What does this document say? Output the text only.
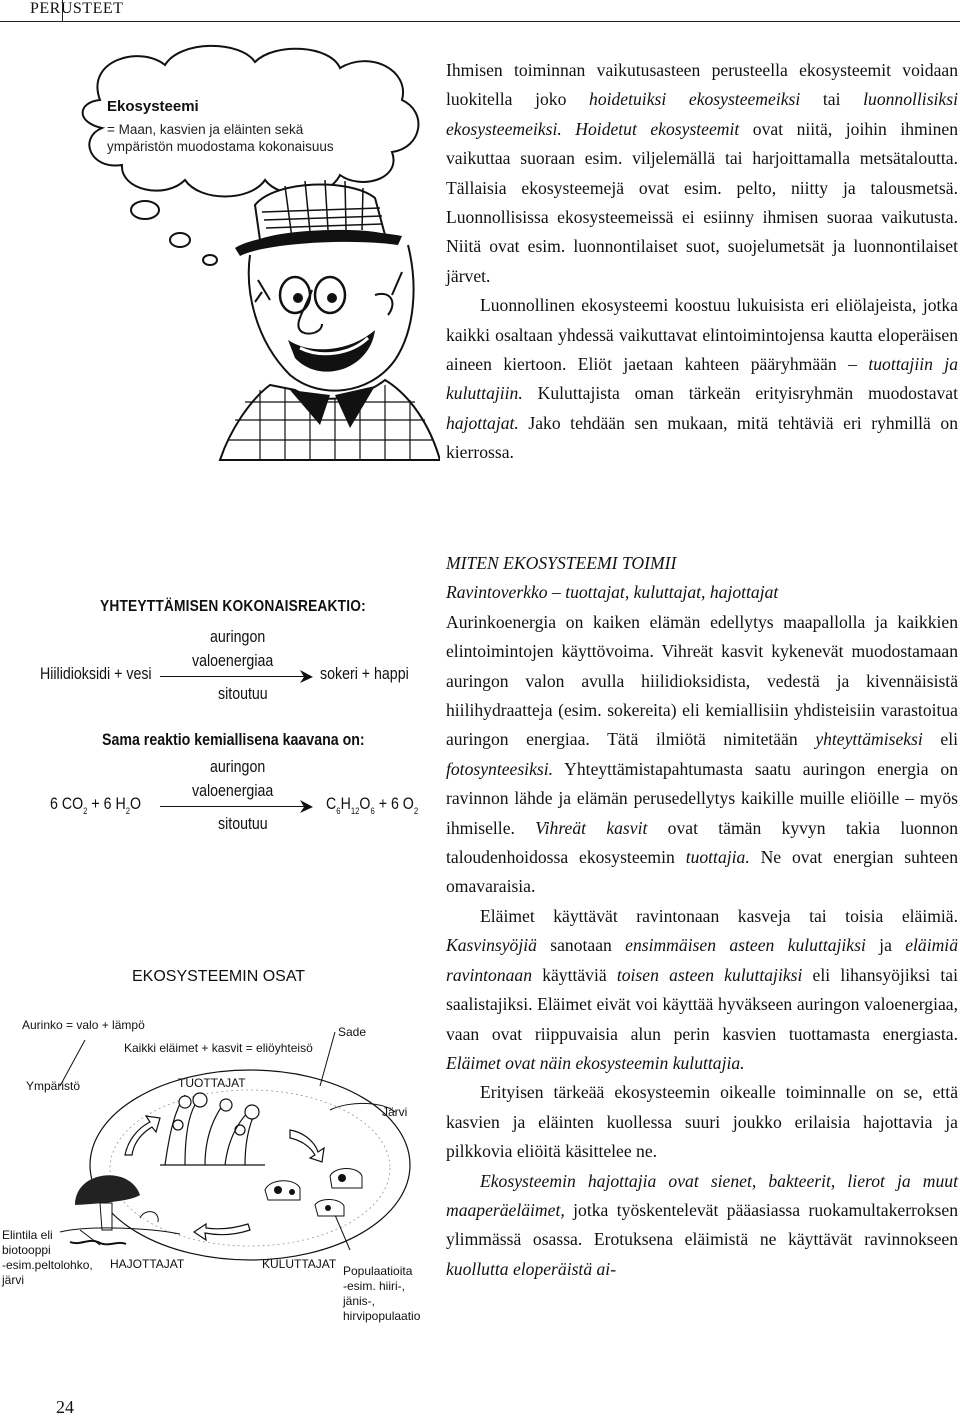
PERUSTEET
Ekosysteemi
= Maan, kasvien ja eläinten sekä
ympäristön muodostama kokonaisuus
YHTEYTTÄMISEN KOKONAISREAKTIO:
auringon
valoenergiaa
Hiilidioksidi + vesi	sokeri + happi
sitoutuu
Sama reaktio kemiallisena kaavana on:
auringon
valoenergiaa
6 $CO_2 + 6$ $H_2O$	$C_6H_{12}O_6 + 6$ $O_2$
sitoutuu
EKOSYSTEEMIN OSAT
Aurinko = valo + lämpö
Kaikki eläimet + kasvit = eliöyhteisö
Sade
Ympäristö	TUOTTAJAT
Järvi
HAJOTTAJAT	KULUTTAJAT
Elintila eli
biotooppi
-esim.peltolohko,
järvi
Populaatioita
-esim. hiiri-,
jänis-,
hirvipopulaatio

Ihmisen toiminnan vaikutusasteen perusteella ekosysteemit voidaan luokitella joko hoidetuiksi ekosysteemeiksi tai luonnollisiksi ekosysteemeiksi. Hoidetut ekosysteemit ovat niitä, joihin ihminen vaikuttaa suoraan esim. viljelemällä tai harjoittamalla metsätaloutta. Tällaisia ekosysteemejä ovat esim. pelto, niitty ja talousmetsä. Luonnollisissa ekosysteemeissä ei esiinny ihmisen suoraa vaikutusta. Niitä ovat esim. luonnontilaiset suot, suojelumetsät ja luonnontilaiset järvet.

Luonnollinen ekosysteemi koostuu lukuisista eri eliölajeista, jotka kaikki osaltaan yhdessä vaikuttavat elintoimintojensa kautta eloperäisen aineen kiertoon. Eliöt jaetaan kahteen pääryhmään – tuottajiin ja kuluttajiin. Kuluttajista oman tärkeän erityisryhmän muodostavat hajottajat. Jako tehdään sen mukaan, mitä tehtäviä eri ryhmillä on kierrossa.

MITEN EKOSYSTEEMI TOIMII

Ravintoverkko – tuottajat, kuluttajat, hajottajat

Aurinkoenergia on kaiken elämän edellytys maapallolla ja kaikkien elintoimintojen käyttövoima. Vihreät kasvit kykenevät muodostamaan auringon valon avulla hiilidioksidista, vedestä ja kivennäisistä hiilihydraatteja (esim. sokereita) eli kemiallisiin yhdisteisiin varastoitua auringon energiaa. Tätä ilmiötä nimitetään yhteyttämiseksi eli fotosynteesiksi. Yhteyttämistapahtumasta saatu auringon energia on ravinnon lähde ja elämän perusedellytys kaikille muille eliöille – myös ihmiselle. Vihreät kasvit ovat tämän kyvyn takia luonnon taloudenhoidossa ekosysteemin tuottajia. Ne ovat energian suhteen omavaraisia.

Eläimet käyttävät ravintonaan kasveja tai toisia eläimiä. Kasvinsyöjiä sanotaan ensimmäisen asteen kuluttajiksi ja eläimiä ravintonaan käyttäviä toisen asteen kuluttajiksi eli lihansyöjiksi tai saalistajiksi. Eläimet eivät voi käyttää hyväkseen auringon valoenergiaa, vaan ovat riippuvaisia alun perin kasvien tuottamasta energiasta. Eläimet ovat näin ekosysteemin kuluttajia.

Erityisen tärkeää ekosysteemin oikealle toiminnalle on se, että kasvien ja eläinten kuollessa suuri joukko erilaisia hajottavia ja pilkkovia eliöitä käsittelee ne.

Ekosysteemin hajottajia ovat sienet, bakteerit, lierot ja muut maaperäeläimet, jotka työskentelevät pääasiassa ruokamultakerroksen ylimmässä osassa. Erotuksena eläimistä ne käyttävät ravinnokseen kuollutta eloperäistä ai-

24
